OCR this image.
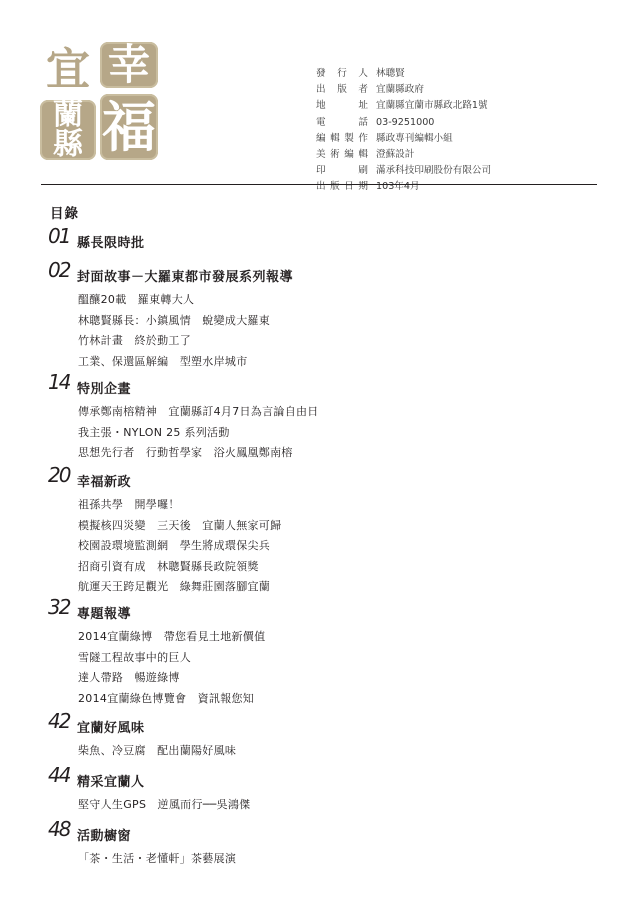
幸
福
宜
蘭
縣
發行人 林聰賢
出版者 宜蘭縣政府
地址 宜蘭縣宜蘭市縣政北路1號
電話 03-9251000
編輯製作 縣政專刊編輯小組
美術編輯 澄蘇設計
印刷 滿承科技印刷股份有限公司
出版日期 103年4月
目錄
01 縣長限時批
02 封面故事－大羅東都市發展系列報導
醞釀20載　羅東轉大人
林聰賢縣長：小鎮風情　蛻變成大羅東
竹林計畫　終於動工了
工業、保還區解編　型塑水岸城市
14 特別企畫
傳承鄭南榕精神　宜蘭縣訂4月7日為言論自由日
我主張・NYLON 25 系列活動
思想先行者　行動哲學家　浴火鳳凰鄭南榕
20 幸福新政
祖孫共學　開學囉！
模擬核四災變　三天後　宜蘭人無家可歸
校園設環境監測網　學生將成環保尖兵
招商引資有成　林聰賢縣長政院領獎
航運天王跨足觀光　綠舞莊園落腳宜蘭
32 專題報導
2014宜蘭綠博　帶您看見土地新價值
雪隧工程故事中的巨人
達人帶路　暢遊綠博
2014宜蘭綠色博覽會　資訊報您知
42 宜蘭好風味
柴魚、冷豆腐　配出蘭陽好風味
44 精采宜蘭人
堅守人生GPS　逆風而行──吳鴻傑
48 活動櫥窗
「茶・生活・老懂軒」茶藝展演
